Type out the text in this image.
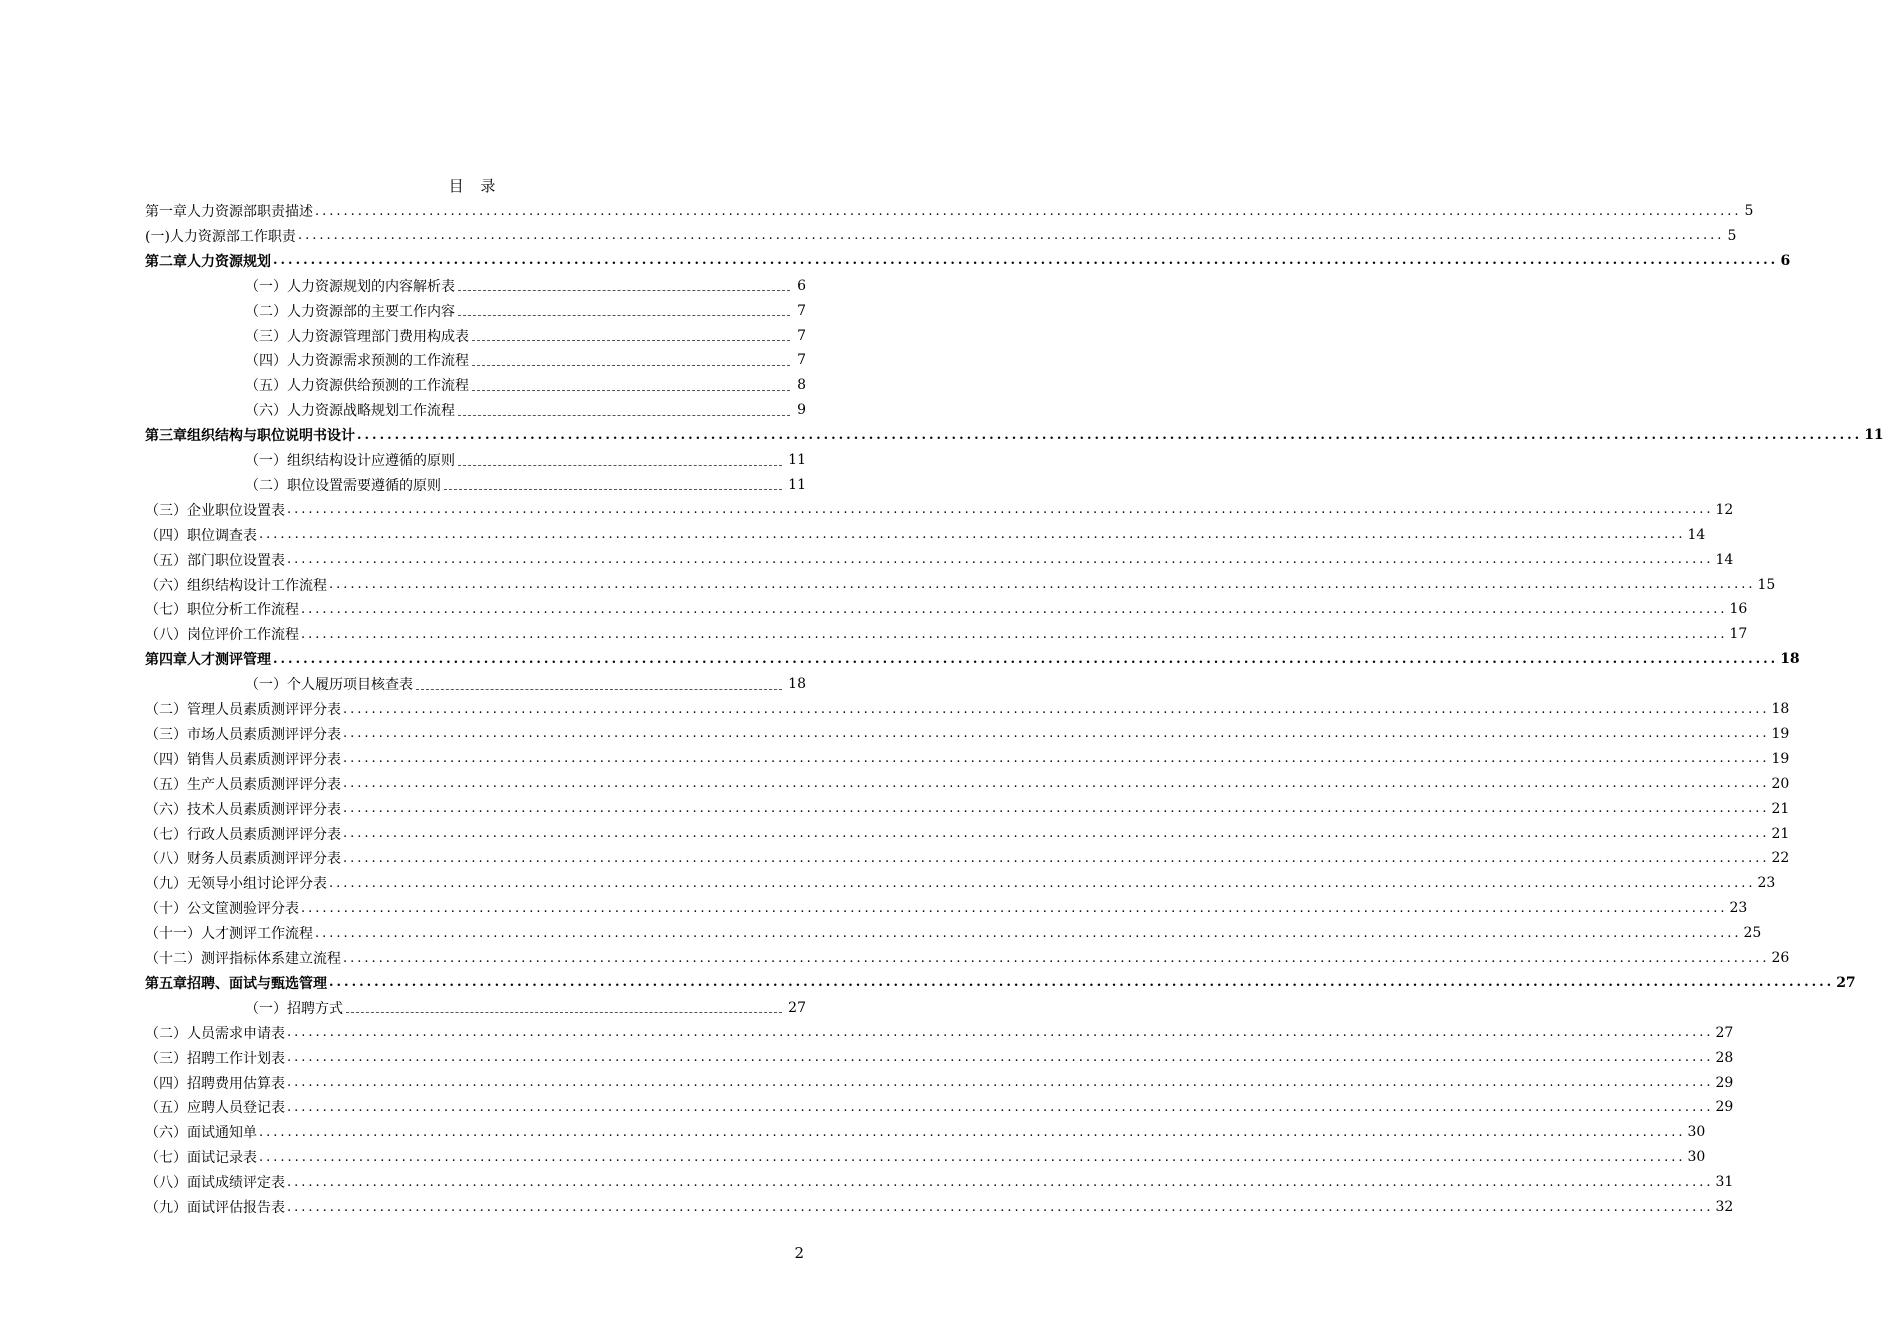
目 录
第一章 人力资源部职责描述 ........................................................................................................................................................................................................ 5
(一)人力资源部工作职责 ........................................................................................................................................................................................................ 5
第二章 人力资源规划 ........................................................................................................................................................................................................ 6
（一）人力资源规划的内容解析表	6
（二）人力资源部的主要工作内容	7
（三）人力资源管理部门费用构成表	7
（四）人力资源需求预测的工作流程	7
（五）人力资源供给预测的工作流程	8
（六）人力资源战略规划工作流程	9
第三章 组织结构与职位说明书设计 ........................................................................................................................................................................................................ 11
（一）组织结构设计应遵循的原则	11
（二）职位设置需要遵循的原则	11
（三）企业职位设置表 ........................................................................................................................................................................................................ 12
（四）职位调查表 ........................................................................................................................................................................................................ 14
（五）部门职位设置表 ........................................................................................................................................................................................................ 14
（六）组织结构设计工作流程 ........................................................................................................................................................................................................ 15
（七）职位分析工作流程 ........................................................................................................................................................................................................ 16
（八）岗位评价工作流程 ........................................................................................................................................................................................................ 17
第四章 人才测评管理 ........................................................................................................................................................................................................ 18
（一）个人履历项目核查表	18
（二）管理人员素质测评评分表 ........................................................................................................................................................................................................ 18
（三）市场人员素质测评评分表 ........................................................................................................................................................................................................ 19
（四）销售人员素质测评评分表 ........................................................................................................................................................................................................ 19
（五）生产人员素质测评评分表 ........................................................................................................................................................................................................ 20
（六）技术人员素质测评评分表 ........................................................................................................................................................................................................ 21
（七）行政人员素质测评评分表 ........................................................................................................................................................................................................ 21
（八）财务人员素质测评评分表 ........................................................................................................................................................................................................ 22
（九）无领导小组讨论评分表 ........................................................................................................................................................................................................ 23
（十）公文筐测验评分表 ........................................................................................................................................................................................................ 23
（十一）人才测评工作流程 ........................................................................................................................................................................................................ 25
（十二）测评指标体系建立流程 ........................................................................................................................................................................................................ 26
第五章 招聘、面试与甄选管理 ........................................................................................................................................................................................................ 27
（一）招聘方式	27
（二）人员需求申请表 ........................................................................................................................................................................................................ 27
（三）招聘工作计划表 ........................................................................................................................................................................................................ 28
（四）招聘费用估算表 ........................................................................................................................................................................................................ 29
（五）应聘人员登记表 ........................................................................................................................................................................................................ 29
（六）面试通知单 ........................................................................................................................................................................................................ 30
（七）面试记录表 ........................................................................................................................................................................................................ 30
（八）面试成绩评定表 ........................................................................................................................................................................................................ 31
（九）面试评估报告表 ........................................................................................................................................................................................................ 32
2
